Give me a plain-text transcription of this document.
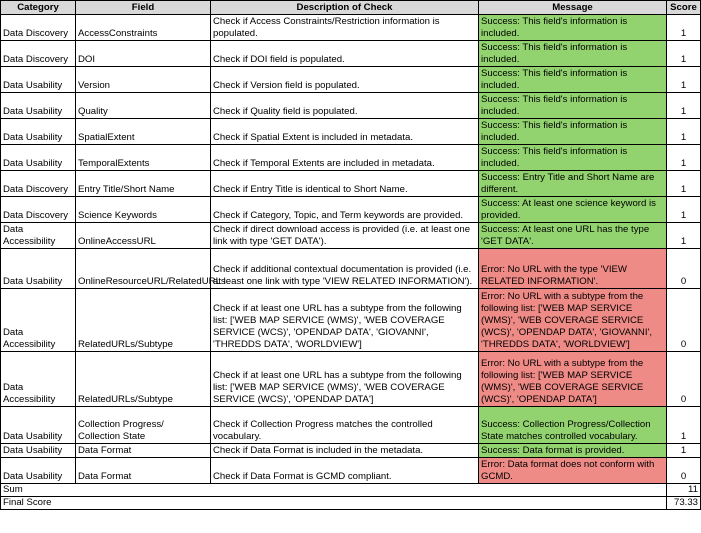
Category	Field	Description of Check	Message	Score
Data Discovery	AccessConstraints	Check if Access Constraints/Restriction information is populated.	Success: This field's information is included.	1
Data Discovery	DOI	Check if DOI field is populated.	Success: This field's information is included.	1
Data Usability	Version	Check if Version field is populated.	Success: This field's information is included.	1
Data Usability	Quality	Check if Quality field is populated.	Success: This field's information is included.	1
Data Usability	SpatialExtent	Check if Spatial Extent is included in metadata.	Success: This field's information is included.	1
Data Usability	TemporalExtents	Check if Temporal Extents are included in metadata.	Success: This field's information is included.	1
Data Discovery	Entry Title/Short Name	Check if Entry Title is identical to Short Name.	Success: Entry Title and Short Name are different.	1
Data Discovery	Science Keywords	Check if Category, Topic, and Term keywords are provided.	Success: At least one science keyword is provided.	1
Data Accessibility	OnlineAccessURL	Check if direct download access is provided (i.e. at least one link with type 'GET DATA').	Success: At least one URL has the type 'GET DATA'.	1
Data Usability	OnlineResourceURL/RelatedURLs	Check if additional contextual documentation is provided (i.e. at least one link with type 'VIEW RELATED INFORMATION').	Error: No URL with the type 'VIEW RELATED INFORMATION'.	0
Data Accessibility	RelatedURLs/Subtype	Check if at least one URL has a subtype from the following list: ['WEB MAP SERVICE (WMS)', 'WEB COVERAGE SERVICE (WCS)', 'OPENDAP DATA', 'GIOVANNI', 'THREDDS DATA', 'WORLDVIEW']	Error: No URL with a subtype from the following list: ['WEB MAP SERVICE (WMS)', 'WEB COVERAGE SERVICE (WCS)', 'OPENDAP DATA', 'GIOVANNI', 'THREDDS DATA', 'WORLDVIEW']	0
Data Accessibility	RelatedURLs/Subtype	Check if at least one URL has a subtype from the following list: ['WEB MAP SERVICE (WMS)', 'WEB COVERAGE SERVICE (WCS)', 'OPENDAP DATA']	Error: No URL with a subtype from the following list: ['WEB MAP SERVICE (WMS)', 'WEB COVERAGE SERVICE (WCS)', 'OPENDAP DATA']	0
Data Usability	Collection Progress/ Collection State	Check if Collection Progress matches the controlled vocabulary.	Success: Collection Progress/Collection State matches controlled vocabulary.	1
Data Usability	Data Format	Check if Data Format is included in the metadata.	Success: Data format is provided.	1
Data Usability	Data Format	Check if Data Format is GCMD compliant.	Error: Data format does not conform with GCMD.	0
Sum				11
Final Score				73.33
